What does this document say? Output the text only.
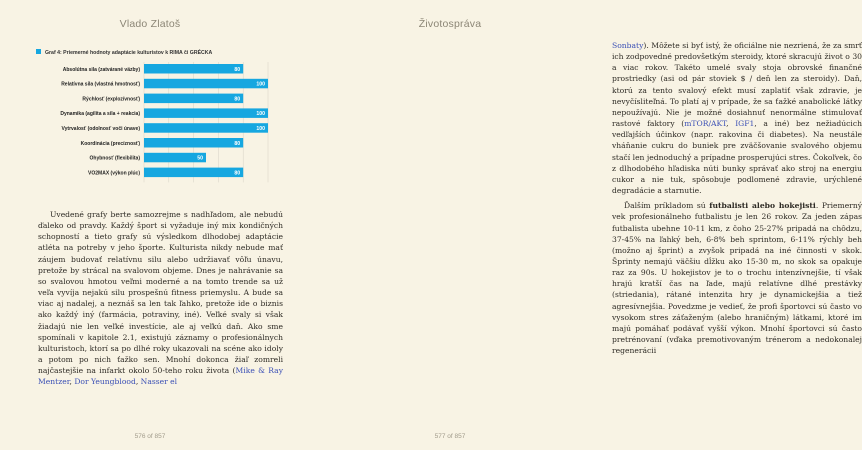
Vlado Zlatoš
Graf 4: Priemerné hodnoty adaptácie kulturistov k RIMA či GRÉCKA
Absolútna sila (zatvárané väzby)	80
Relatívna sila (vlastná hmotnosť)	100
Rýchlosť (explozívnosť)	80
Dynamika (agilita a sila + reakcia)	100
Vytrvalosť (odolnosť voči únave)	100
Koordinácia (precíznosť)	80
Ohybnosť (flexibilita)	50
VO2MAX (výkon plúc)	80

Uvedené grafy berte samozrejme s nadhľadom, ale nebudú ďaleko od pravdy. Každý šport si vyžaduje iný mix kondičných schopností a tieto grafy sú výsledkom dlhodobej adaptácie atléta na potreby v jeho športe. Kulturista nikdy nebude mať záujem budovať relatívnu silu alebo udržiavať vôľu únavu, pretože by strácal na svalovom objeme. Dnes je nahrávanie sa so svalovou hmotou veľmi moderné a na tomto trende sa už veľa vyvíja nejakú silu prospešnú fitness priemyslu. A bude sa viac aj nadalej, a neznáš sa len tak ľahko, pretože ide o biznis ako každý iný (farmácia, potraviny, iné). Veľké svaly si však žiadajú nie len veľké investície, ale aj veľkú daň. Ako sme spomínali v kapitole 2.1, existujú záznamy o profesionálnych kulturistoch, ktorí sa po dlhé roky ukazovali na scéne ako idoly a potom po nich ťažko sen. Mnohí dokonca žiaľ zomreli najčastejšie na infarkt okolo 50-teho roku života (Mike & Ray Mentzer, Dor Yeungblood, Nasser el

576 of 857
Životospráva

Sonbaty). Môžete si byť istý, že oficiálne nie nezriená, že za smrť ich zodpovedné predovšetkým steroidy, ktoré skracujú život o 30 a viac rokov. Takéto umelé svaly stoja obrovské finančné prostriedky (asi od pár stoviek $ / deň len za steroidy). Daň, ktorú za tento svalový efekt musí zaplatiť však zdravie, je nevyčísliteľná. To platí aj v prípade, že sa ťažké anabolické látky nepoužívajú. Nie je možné dosiahnuť nenormálne stimulovať rastové faktory (mTOR/AKT, IGF1, a iné) bez nežiadúcich vedľajších účinkov (napr. rakovina či diabetes). Na neustále vháňanie cukru do buniek pre zväčšovanie svalového objemu stačí len jednoduchý a prípadne prosperujúci stres. Čokoľvek, čo z dlhodobého hľadiska núti bunky správať ako stroj na energiu cukor a nie tuk, spôsobuje podlomené zdravie, urýchlené degradácie a starnutie.

Ďalším príkladom sú futbalisti alebo hokejisti. Priemerný vek profesionálneho futbalistu je len 26 rokov. Za jeden zápas futbalista ubehne 10-11 km, z čoho 25-27% pripadá na chôdzu, 37-45% na ľahký beh, 6-8% beh sprintom, 6-11% rýchly beh (možno aj šprint) a zvyšok pripadá na iné činnosti v skok. Šprinty nemajú väčšiu dĺžku ako 15-30 m, no skok sa opakuje raz za 90s. U hokejistov je to o trochu intenzívnejšie, tí však hrajú kratší čas na ľade, majú relatívne dlhé prestávky (striedania), rátané intenzita hry je dynamickejšia a tiež agresívnejšia. Povedzme je vedieť, že profi športovci sú často vo vysokom stres záťaženým (alebo hraničným) látkami, ktoré im majú pomáhať podávať vyšší výkon. Mnohí športovci sú často pretrénovaní (vďaka premotivovaným trénerom a nedokonalej regenerácii

577 of 857
